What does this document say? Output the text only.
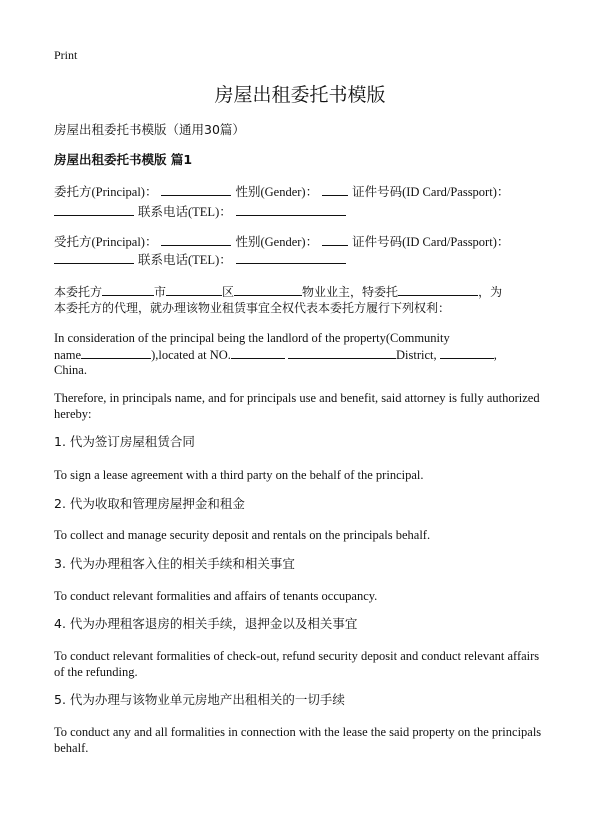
Print
房屋出租委托书模版
房屋出租委托书模版（通用30篇）
房屋出租委托书模版 篇1
委托方(Principal)：	性别(Gender)：	证件号码(ID Card/Passport)：
联系电话(TEL)：
受托方(Principal)：	性别(Gender)：	证件号码(ID Card/Passport)：
联系电话(TEL)：
本委托方	市	区	物业业主，特委托	，为
本委托方的代理，就办理该物业租赁事宜全权代表本委托方履行下列权利：
In consideration of the principal being the landlord of the property(Community
name	),located at NO.	District,	,
China.
Therefore, in principals name, and for principals use and benefit, said attorney is fully authorized hereby:
1. 代为签订房屋租赁合同
To sign a lease agreement with a third party on the behalf of the principal.
2. 代为收取和管理房屋押金和租金
To collect and manage security deposit and rentals on the principals behalf.
3. 代为办理租客入住的相关手续和相关事宜
To conduct relevant formalities and affairs of tenants occupancy.
4. 代为办理租客退房的相关手续，退押金以及相关事宜
To conduct relevant formalities of check-out, refund security deposit and conduct relevant affairs of the refunding.
5. 代为办理与该物业单元房地产出租相关的一切手续
To conduct any and all formalities in connection with the lease the said property on the principals behalf.
